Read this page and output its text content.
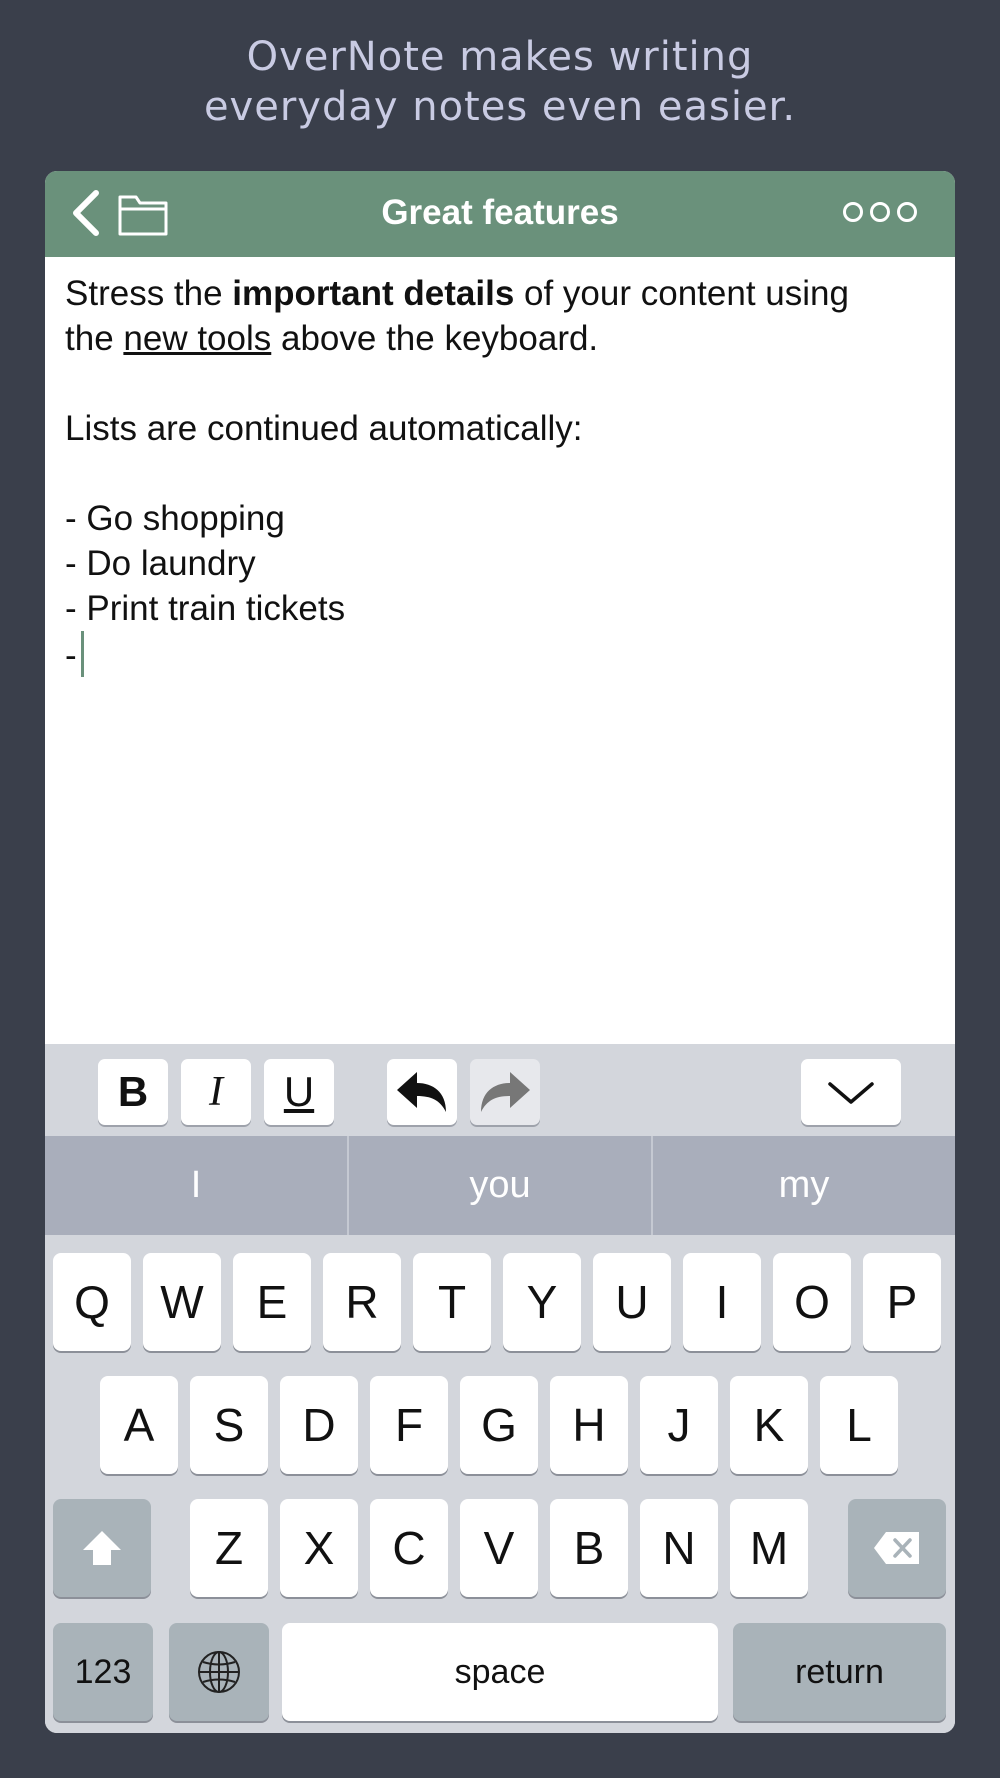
OverNote makes writing
everyday notes even easier.
Great features

Stress the important details of your content using

the new tools above the keyboard.

Lists are continued automatically:

- Go shopping

- Do laundry

- Print train tickets

-

B	I	U
I	you	my
Q	W	E	R	T	Y	U	I	O	P
A	S	D	F	G	H	J	K	L
Z	X	C	V	B	N	M
123	space	return
